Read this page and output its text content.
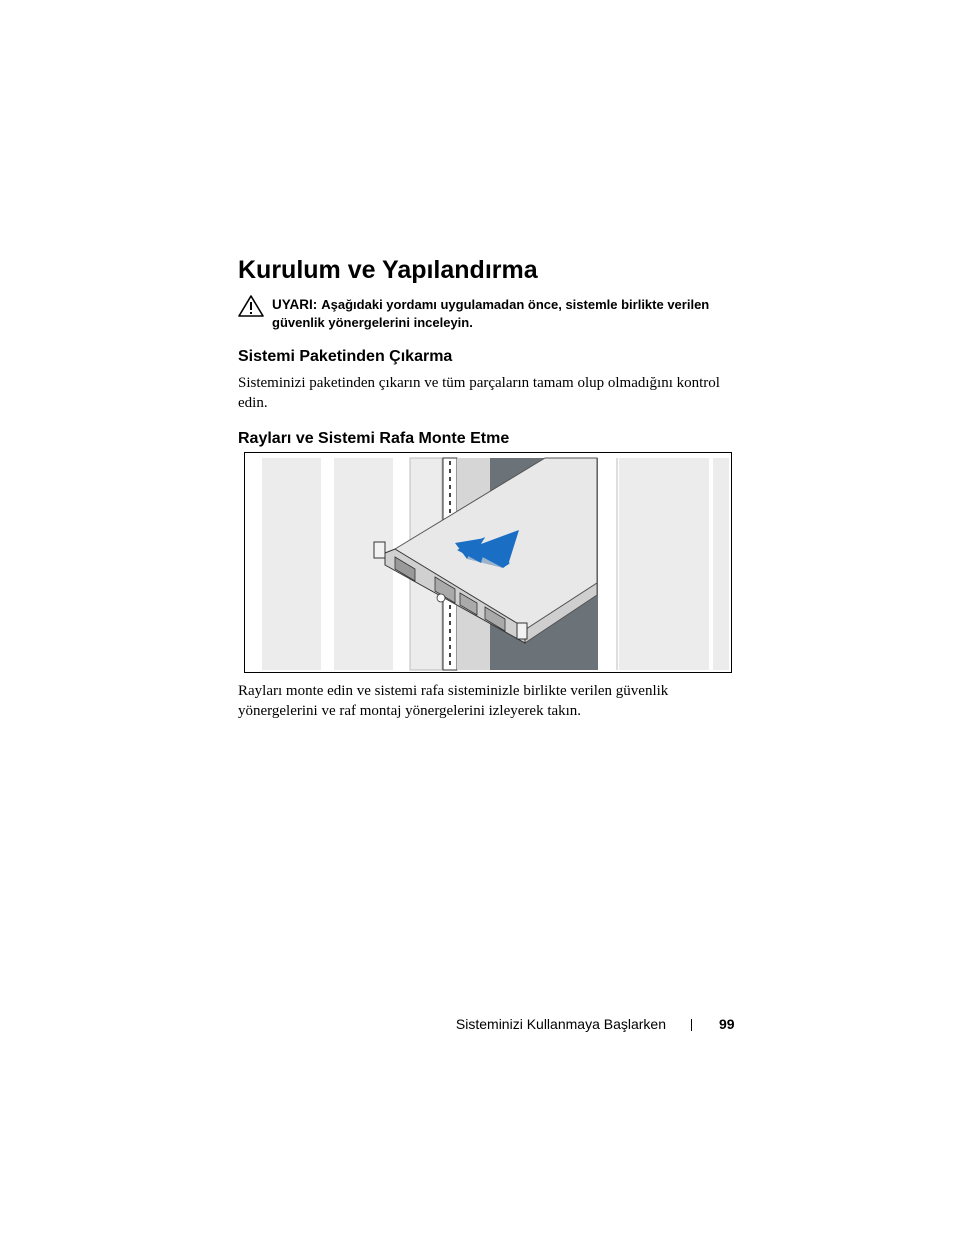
Kurulum ve Yapılandırma
UYARI: Aşağıdaki yordamı uygulamadan önce, sistemle birlikte verilen güvenlik yönergelerini inceleyin.
Sistemi Paketinden Çıkarma

Sisteminizi paketinden çıkarın ve tüm parçaların tamam olup olmadığını kontrol edin.

Rayları ve Sistemi Rafa Monte Etme

Rayları monte edin ve sistemi rafa sisteminizle birlikte verilen güvenlik yönergelerini ve raf montaj yönergelerini izleyerek takın.

Sisteminizi Kullanmaya Başlarken	99
